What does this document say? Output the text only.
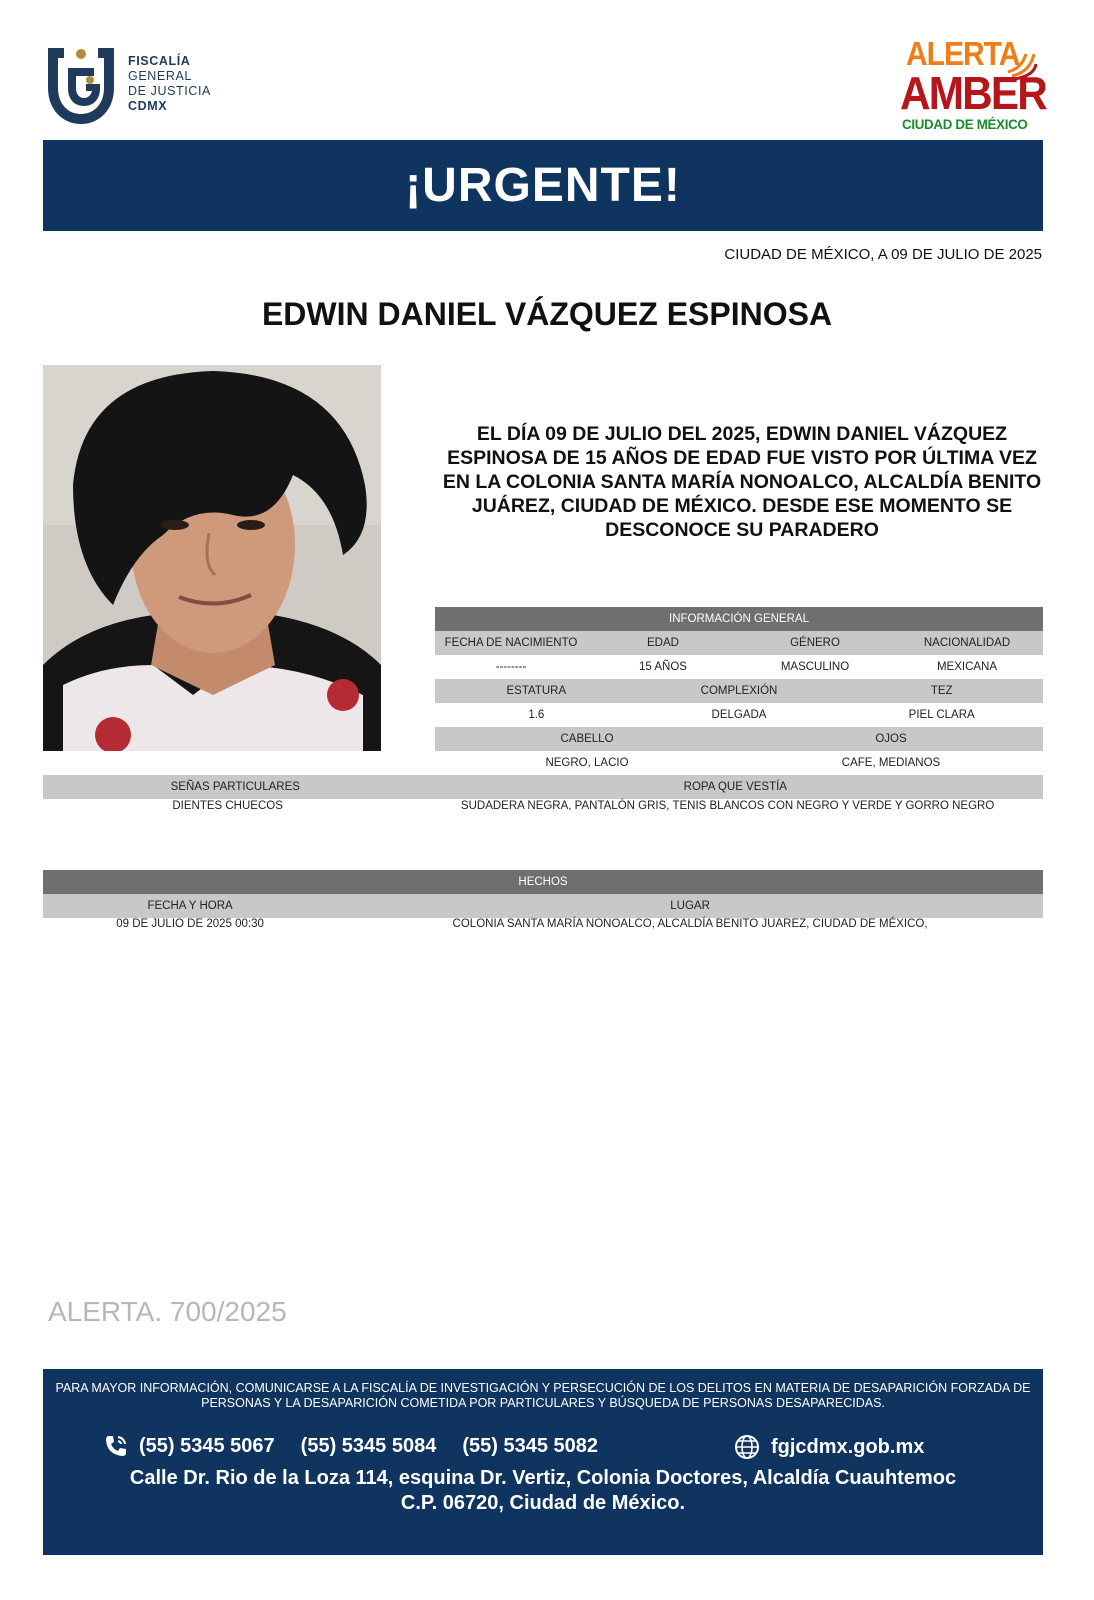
FISCALÍA
GENERAL
DE JUSTICIA
CDMX
ALERTA
AMBER
CIUDAD DE MÉXICO
¡URGENTE!
CIUDAD DE MÉXICO, A 09 DE JULIO DE 2025
EDWIN DANIEL VÁZQUEZ ESPINOSA
EL DÍA 09 DE JULIO DEL 2025, EDWIN DANIEL VÁZQUEZ ESPINOSA DE 15 AÑOS DE EDAD FUE VISTO POR ÚLTIMA VEZ EN LA COLONIA SANTA MARÍA NONOALCO, ALCALDÍA BENITO JUÁREZ, CIUDAD DE MÉXICO. DESDE ESE MOMENTO SE DESCONOCE SU PARADERO
INFORMACIÓN GENERAL
FECHA DE NACIMIENTO	EDAD	GÉNERO	NACIONALIDAD
--------	15 AÑOS	MASCULINO	MEXICANA
ESTATURA	COMPLEXIÓN	TEZ
1.6	DELGADA	PIEL CLARA
CABELLO	OJOS
NEGRO, LACIO	CAFE, MEDIANOS
SEÑAS PARTICULARES	ROPA QUE VESTÍA
DIENTES CHUECOS	SUDADERA NEGRA, PANTALÓN GRIS, TENIS BLANCOS CON NEGRO Y VERDE Y GORRO NEGRO
HECHOS
FECHA Y HORA	LUGAR
09 DE JULIO DE 2025 00:30	COLONIA SANTA MARÍA NONOALCO, ALCALDÍA BENITO JUAREZ, CIUDAD DE MÉXICO,
ALERTA. 700/2025
PARA MAYOR INFORMACIÓN, COMUNICARSE A LA FISCALÍA DE INVESTIGACIÓN Y PERSECUCIÓN DE LOS DELITOS EN MATERIA DE DESAPARICIÓN FORZADA DE PERSONAS Y LA DESAPARICIÓN COMETIDA POR PARTICULARES Y BÚSQUEDA DE PERSONAS DESAPARECIDAS.
(55) 5345 5067 (55) 5345 5084 (55) 5345 5082	fgjcdmx.gob.mx
Calle Dr. Rio de la Loza 114, esquina Dr. Vertiz, Colonia Doctores, Alcaldía Cuauhtemoc
C.P. 06720, Ciudad de México.
